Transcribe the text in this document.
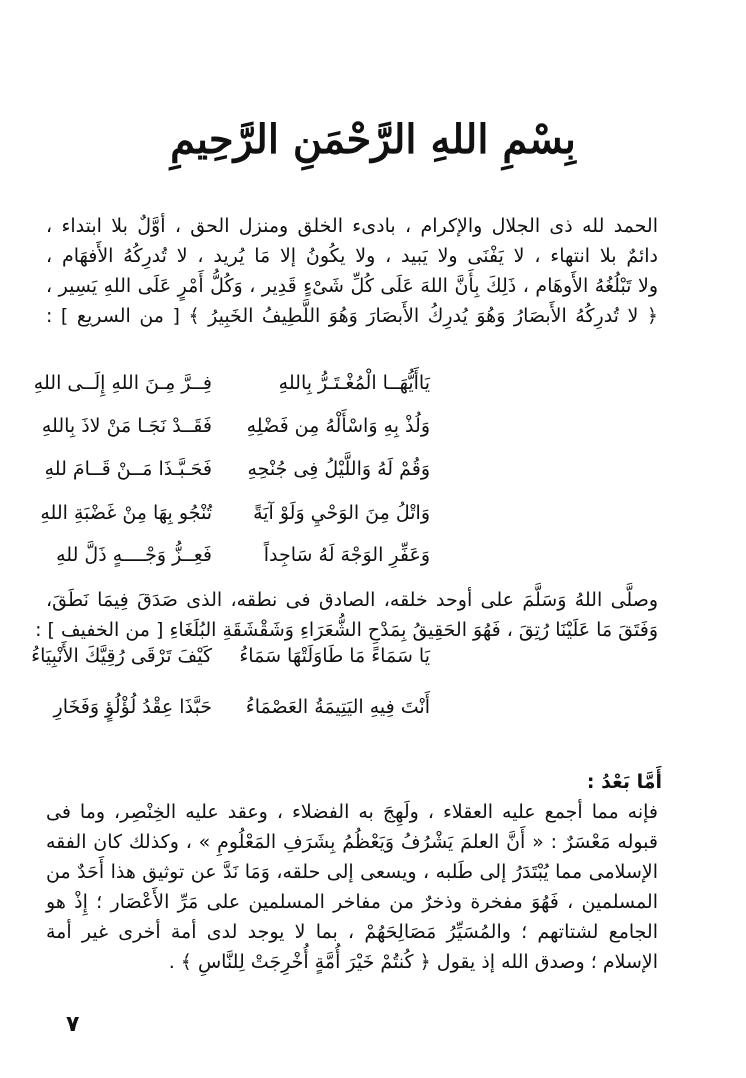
بِسْمِ اللهِ الرَّحْمَنِ الرَّحِيمِ
الحمد لله ذى الجلال والإكرام ، بادىء الخلق ومنزل الحق ، أوَّلٌ بلا ابتداء ،
دائمٌ بلا انتهاء ، لا يَفْنَى ولا يَبيد ، ولا يكُونُ إلا مَا يُريد ، لا تُدرِكُهُ الأَفهَام ،
ولا تَبْلُغُهُ الأَوهَام ، ذَلِكَ بِأَنَّ اللهَ عَلَى كُلِّ شَىْءٍ قَدِير ، وَكُلُّ أَمْرٍ عَلَى اللهِ يَسِير ،
﴿ لا تُدرِكُهُ الأَبصَارُ وَهُوَ يُدرِكُ الأَبصَارَ وَهُوَ اللَّطِيفُ الخَبِيرُ ﴾ [ من السريع ] :
يَاأَيُّهَــا الْمُغْـتَـرُّ بِاللهِ
فِــرَّ مِـنَ اللهِ إِلَــى اللهِ
وَلُذْ بِهِ وَاسْأَلْهُ مِن فَضْلِهِ
فَقَــدْ نَجَـا مَنْ لاذَ بِاللهِ
وَقُمْ لَهُ وَاللَّيْلُ فِى جُنْحِهِ
فَحَـبَّـذَا مَــنْ قَــامَ للهِ
وَاتْلُ مِنَ الوَحْيِ وَلَوْ آيَةً
تُنْجُو بِهَا مِنْ غَضْبَةِ اللهِ
وَعَفِّرِ الوَجْهَ لَهُ سَاجِداً
فَعِــزُّ وَجْــــهٍ ذَلَّ للهِ
وصلَّى اللهُ وَسَلَّمَ على أوحد خلقه، الصادق فى نطقه، الذى صَدَقَ فِيمَا نَطَقَ،
وَفَتَقَ مَا عَلَيْنَا رُتِقَ ، فَهُوَ الحَقِيقُ بِمَدْحِ الشُّعَرَاءِ وَشَقْشَقَةِ البُلَغَاءِ [ من الخفيف ] :
يَا سَمَاءً مَا طَاوَلَتْهَا سَمَاءُ
كَيْفَ تَرْقَى رُقِيَّكَ الأَنْبِيَاءُ
أَنْتَ فِيهِ اليَتِيمَةُ العَصْمَاءُ
حَبَّذَا عِقْدُ لُؤْلُؤٍ وَفَخَارِ
أَمَّا بَعْدُ :
فإنه مما أجمع عليه العقلاء ، ولَهِجَ به الفضلاء ، وعقد عليه الخِنْصِر، وما فى
قبوله مَعْسَرٌ : « أَنَّ العلمَ يَشْرُفُ وَيَعْظُمُ بِشَرَفِ المَعْلُومِ » ، وكذلك كان الفقه
الإسلامى مما يُبْتَدَرُ إلى طَلبه ، ويسعى إلى حلقه، وَمَا نَدَّ عن توثيق هذا أَحَدٌ من
المسلمين ، فَهُوَ مفخرة وذخرٌ من مفاخر المسلمين على مَرِّ الأَعْصَار ؛ إِذْ هو
الجامع لشتاتهم ؛ والمُسَيِّرُ مَصَالِحَهُمْ ، بما لا يوجد لدى أمة أخرى غير أمة
الإسلام ؛ وصدق الله إذ يقول ﴿ كُنتُمْ خَيْرَ أُمَّةٍ أُخْرِجَتْ لِلنَّاسِ ﴾ .
٧
